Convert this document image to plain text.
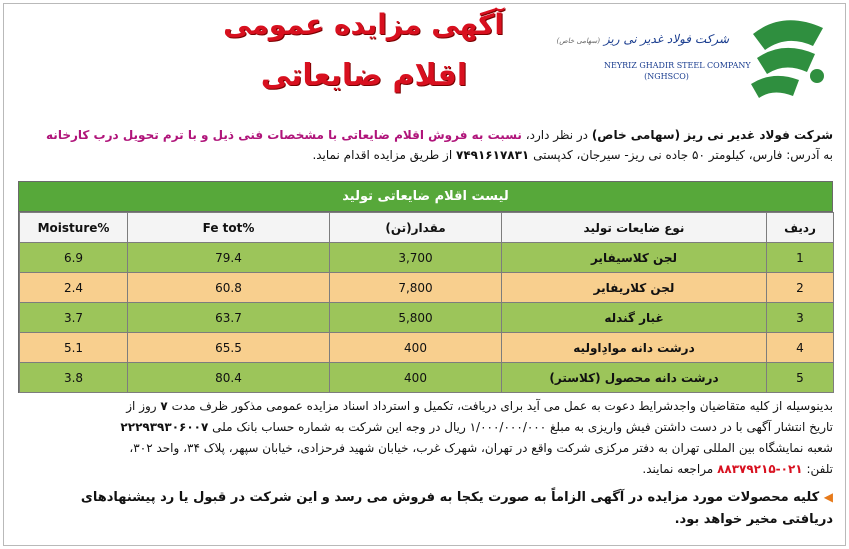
شرکت فولاد غدیر نی ریز (سهامی خاص)
NEYRIZ GHADIR STEEL COMPANY
(NGHSCO)
آگهی مزایده عمومی
اقلام ضایعاتی
شرکت فولاد غدیر نی ریز (سهامی خاص) در نظر دارد، نسبت به فروش اقلام ضایعاتی با مشخصات فنی ذیل و با ترم تحویل درب کارخانه
به آدرس: فارس، کیلومتر ۵۰ جاده نی ریز- سیرجان، کدپستی ۷۴۹۱۶۱۷۸۳۱ از طریق مزایده اقدام نماید.
لیست اقلام ضایعاتی تولید
Moisture%	Fe tot%	مقدار(تن)	نوع ضایعات تولید	ردیف
6.9	79.4	3,700	لجن کلاسیفایر	1
2.4	60.8	7,800	لجن کلاریفایر	2
3.7	63.7	5,800	غبار گندله	3
5.1	65.5	400	درشت دانه موادِاولیه	4
3.8	80.4	400	درشت دانه محصول (کلاستر)	5
بدینوسیله از کلیه متقاضیان واجدشرایط دعوت به عمل می آید برای دریافت، تکمیل و استرداد اسناد مزایده عمومی مذکور ظرف مدت ۷ روز از
تاریخ انتشار آگهی با در دست داشتن فیش واریزی به مبلغ ۱/۰۰۰/۰۰۰/۰۰۰ ریال در وجه این شرکت به شماره حساب بانک ملی ۲۲۲۹۳۹۳۰۶۰۰۷
شعبه نمایشگاه بین المللی تهران به دفتر مرکزی شرکت واقع در تهران، شهرک غرب، خیابان شهید فرحزادی، خیابان سپهر، پلاک ۳۴، واحد ۳۰۲،
تلفن: ۰۲۱-۸۸۳۷۹۲۱۵ مراجعه نمایند.
◀ کلیه محصولات مورد مزایده در آگهی الزاماً به صورت یکجا به فروش می رسد و این شرکت در قبول یا رد پیشنهادهای
دریافتی مخیر خواهد بود.
